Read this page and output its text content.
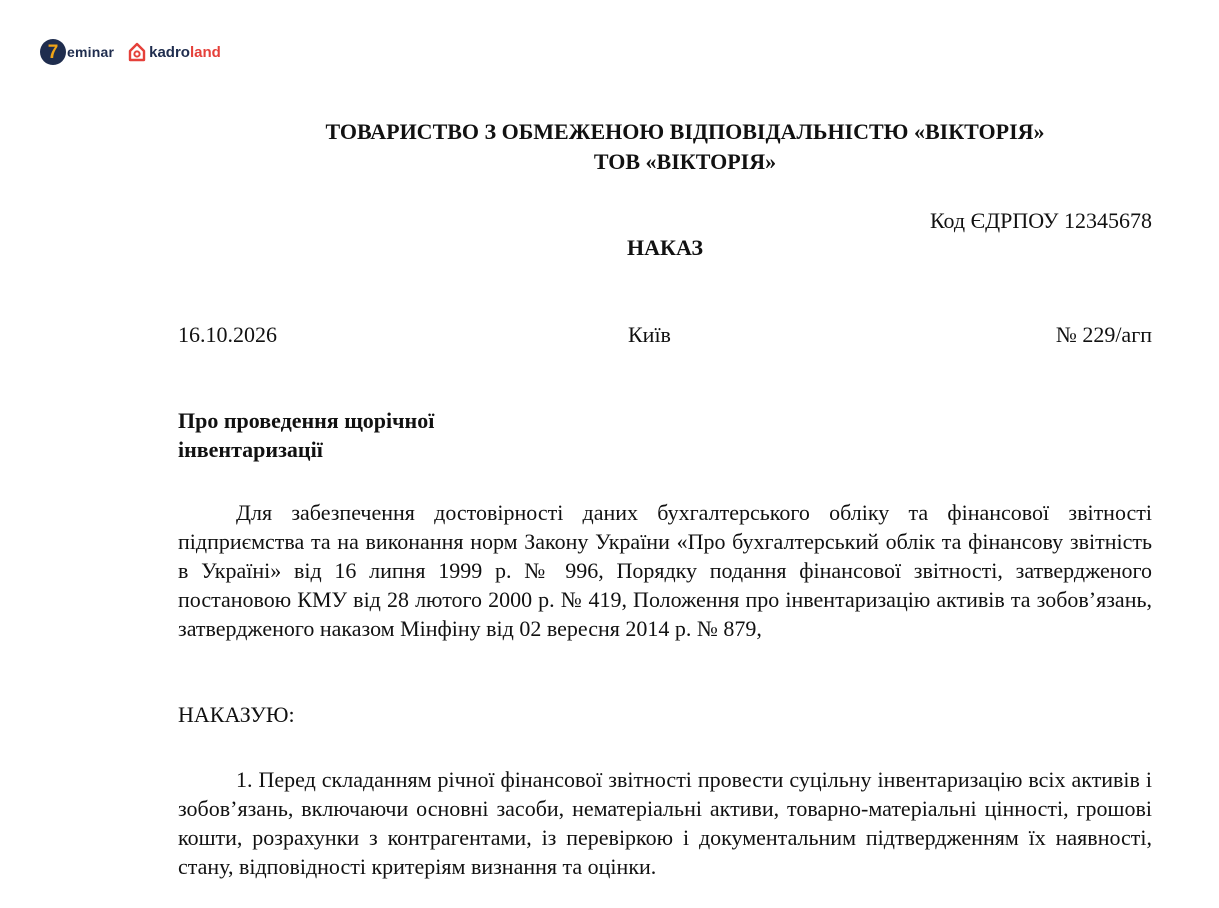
7 eminar kadroland
ТОВАРИСТВО З ОБМЕЖЕНОЮ ВІДПОВІДАЛЬНІСТЮ «ВІКТОРІЯ»
ТОВ «ВІКТОРІЯ»
Код ЄДРПОУ 12345678
НАКАЗ
16.10.2026	Київ	№ 229/агп
Про проведення щорічної
інвентаризації

Для забезпечення достовірності даних бухгалтерського обліку та фінансової звітності підприємства та на виконання норм Закону України «Про бухгалтерський облік та фінансову звітність в Україні» від 16 липня 1999 р. № 996, Порядку подання фінансової звітності, затвердженого постановою КМУ від 28 лютого 2000 р. № 419, Положення про інвентаризацію активів та зобов’язань, затвердженого наказом Мінфіну від 02 вересня 2014 р. № 879,

НАКАЗУЮ:

1. Перед складанням річної фінансової звітності провести суцільну інвентаризацію всіх активів і зобов’язань, включаючи основні засоби, нематеріальні активи, товарно-матеріальні цінності, грошові кошти, розрахунки з контрагентами, із перевіркою і документальним підтвердженням їх наявності, стану, відповідності критеріям визнання та оцінки.
